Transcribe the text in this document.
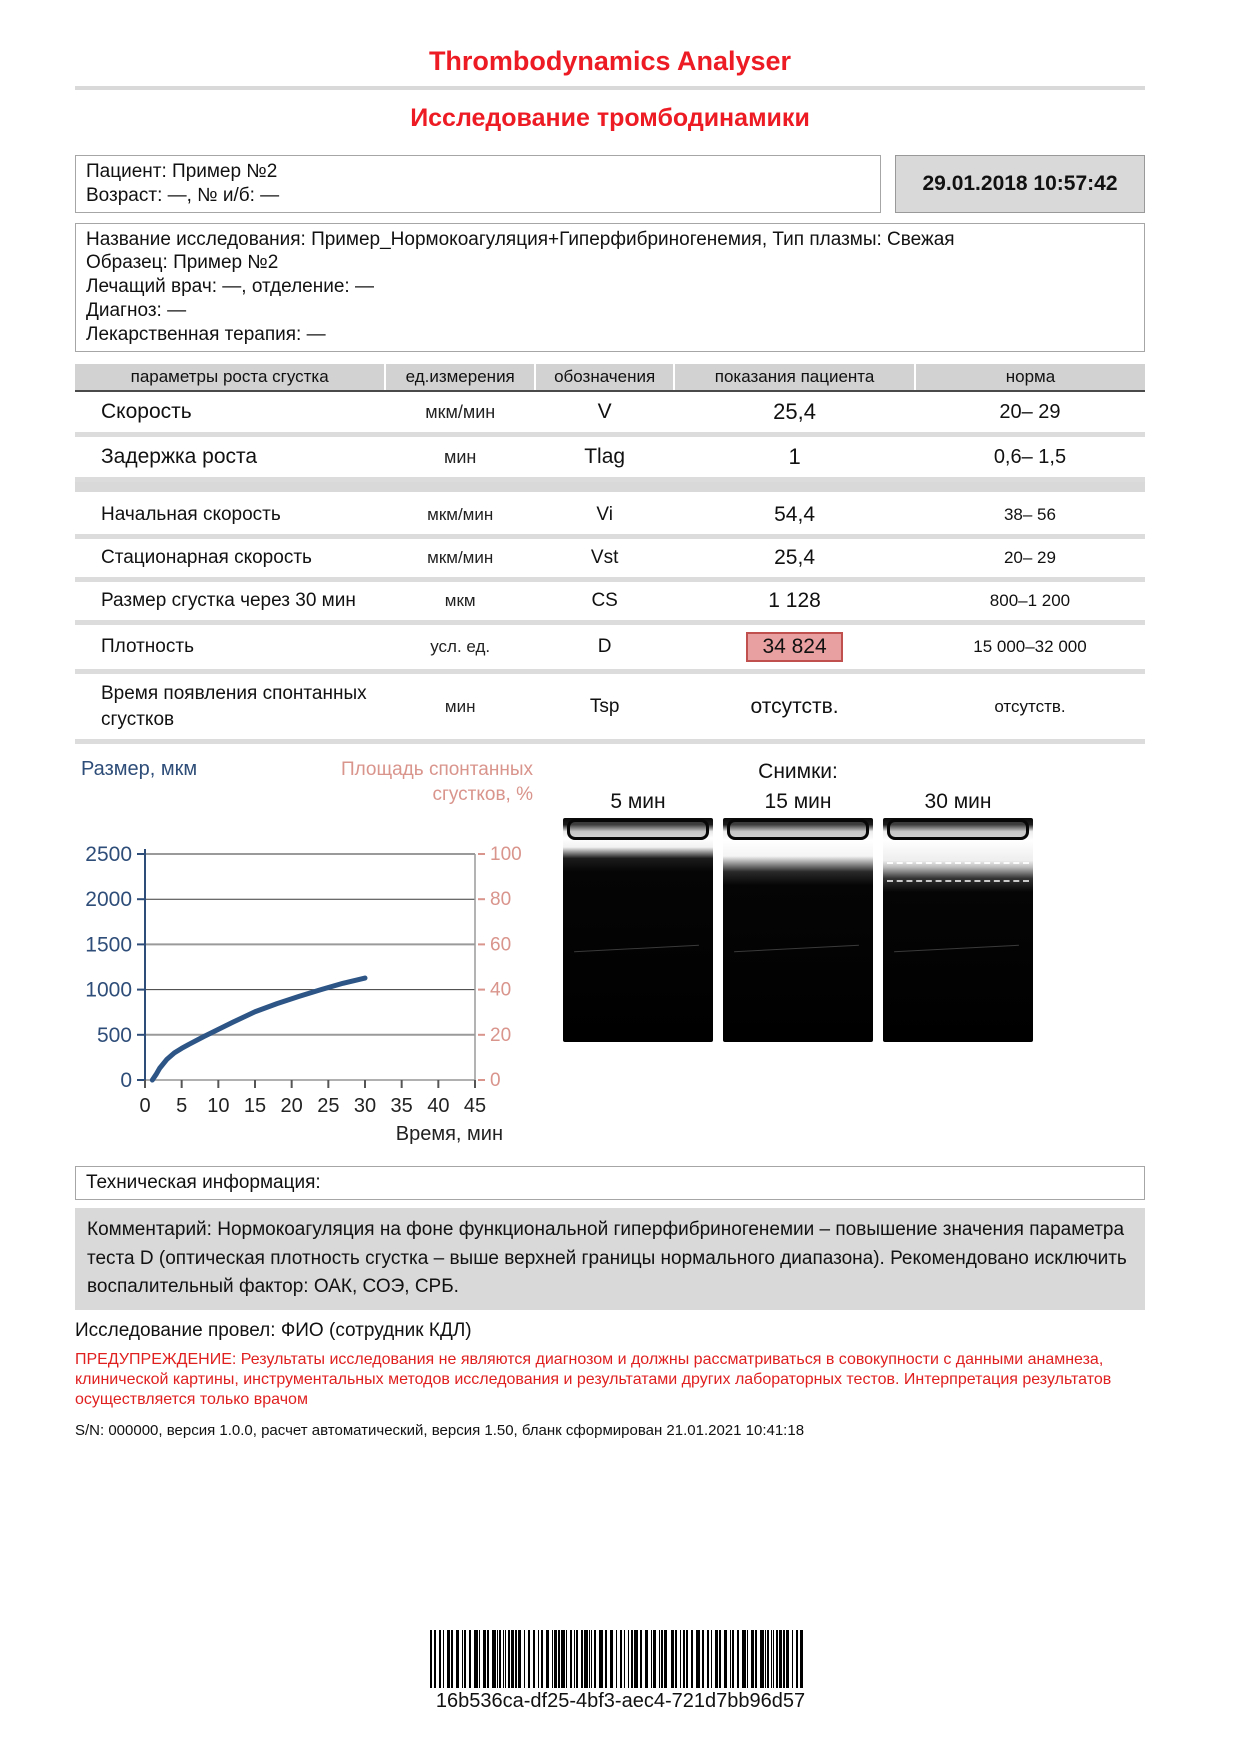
Thrombodynamics Analyser
Исследование тромбодинамики
Пациент: Пример №2
Возраст: —, № и/б: —
29.01.2018 10:57:42
Название исследования: Пример_Нормокоагуляция+Гиперфибриногенемия, Тип плазмы: Свежая
Образец: Пример №2
Лечащий врач: —, отделение: —
Диагноз: —
Лекарственная терапия: —
параметры роста сгустка	ед.измерения	обозначения	показания пациента	норма
Скорость	мкм/мин	V	25,4	20– 29
Задержка роста	мин	Tlag	1	0,6– 1,5

Начальная скорость	мкм/мин	Vi	54,4	38– 56
Стационарная скорость	мкм/мин	Vst	25,4	20– 29
Размер сгустка через 30 мин	мкм	CS	1 128	800–1 200
Плотность	усл. ед.	D	34 824	15 000–32 000
Время появления спонтанных сгустков	мин	Tsp	отсутств.	отсутств.
Размер, мкм	Площадь спонтанных сгустков, %
0
500
1000
1500
2000
2500
0
20
40
60
80
100
0 5 10 15 20 25 30 35 40 45
Время, мин
Снимки:
5 мин	15 мин	30 мин
Техническая информация:
Комментарий: Нормокоагуляция на фоне функциональной гиперфибриногенемии – повышение значения параметра теста D (оптическая плотность сгустка – выше верхней границы нормального диапазона). Рекомендовано исключить воспалительный фактор: ОАК, СОЭ, СРБ.
Исследование провел: ФИО (сотрудник КДЛ)
ПРЕДУПРЕЖДЕНИЕ: Результаты исследования не являются диагнозом и должны рассматриваться в совокупности с данными анамнеза, клинической картины, инструментальных методов исследования и результатами других лабораторных тестов. Интерпретация результатов осуществляется только врачом
S/N: 000000, версия 1.0.0, расчет автоматический, версия 1.50, бланк сформирован 21.01.2021 10:41:18
16b536ca-df25-4bf3-aec4-721d7bb96d57
